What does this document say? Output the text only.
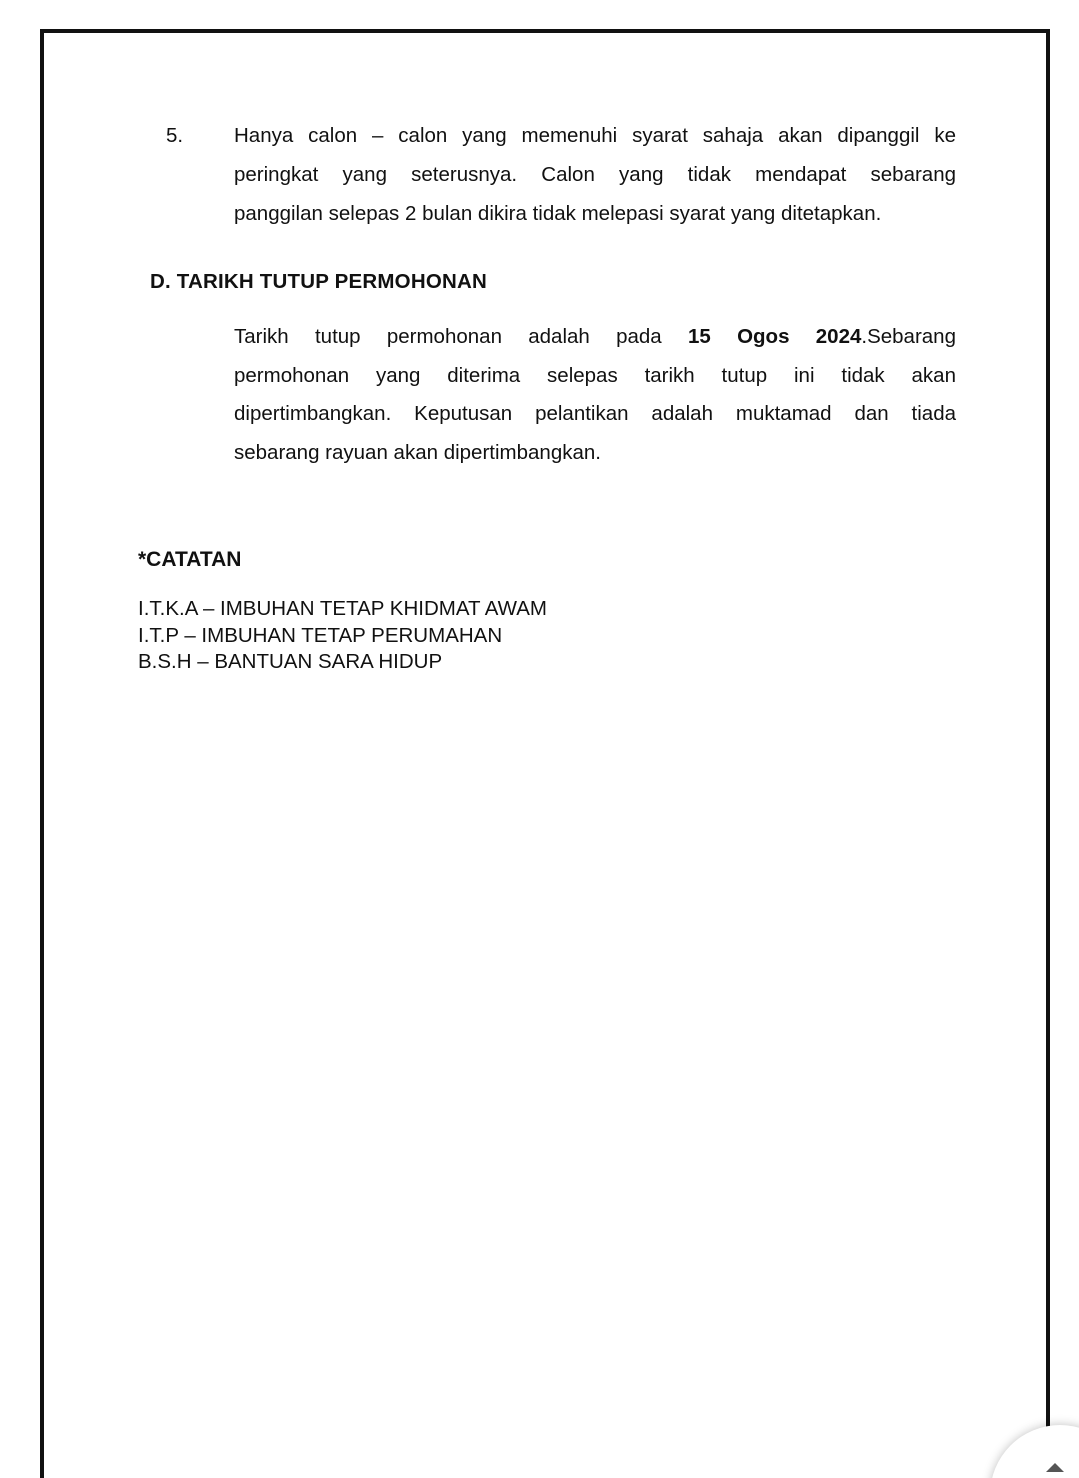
5. Hanya calon – calon yang memenuhi syarat sahaja akan dipanggil ke
peringkat yang seterusnya. Calon yang tidak mendapat sebarang
panggilan selepas 2 bulan dikira tidak melepasi syarat yang ditetapkan.
D. TARIKH TUTUP PERMOHONAN
Tarikh tutup permohonan adalah pada 15 Ogos 2024.Sebarang
permohonan yang diterima selepas tarikh tutup ini tidak akan
dipertimbangkan. Keputusan pelantikan adalah muktamad dan tiada
sebarang rayuan akan dipertimbangkan.
*CATATAN
I.T.K.A – IMBUHAN TETAP KHIDMAT AWAM
I.T.P – IMBUHAN TETAP PERUMAHAN
B.S.H – BANTUAN SARA HIDUP
